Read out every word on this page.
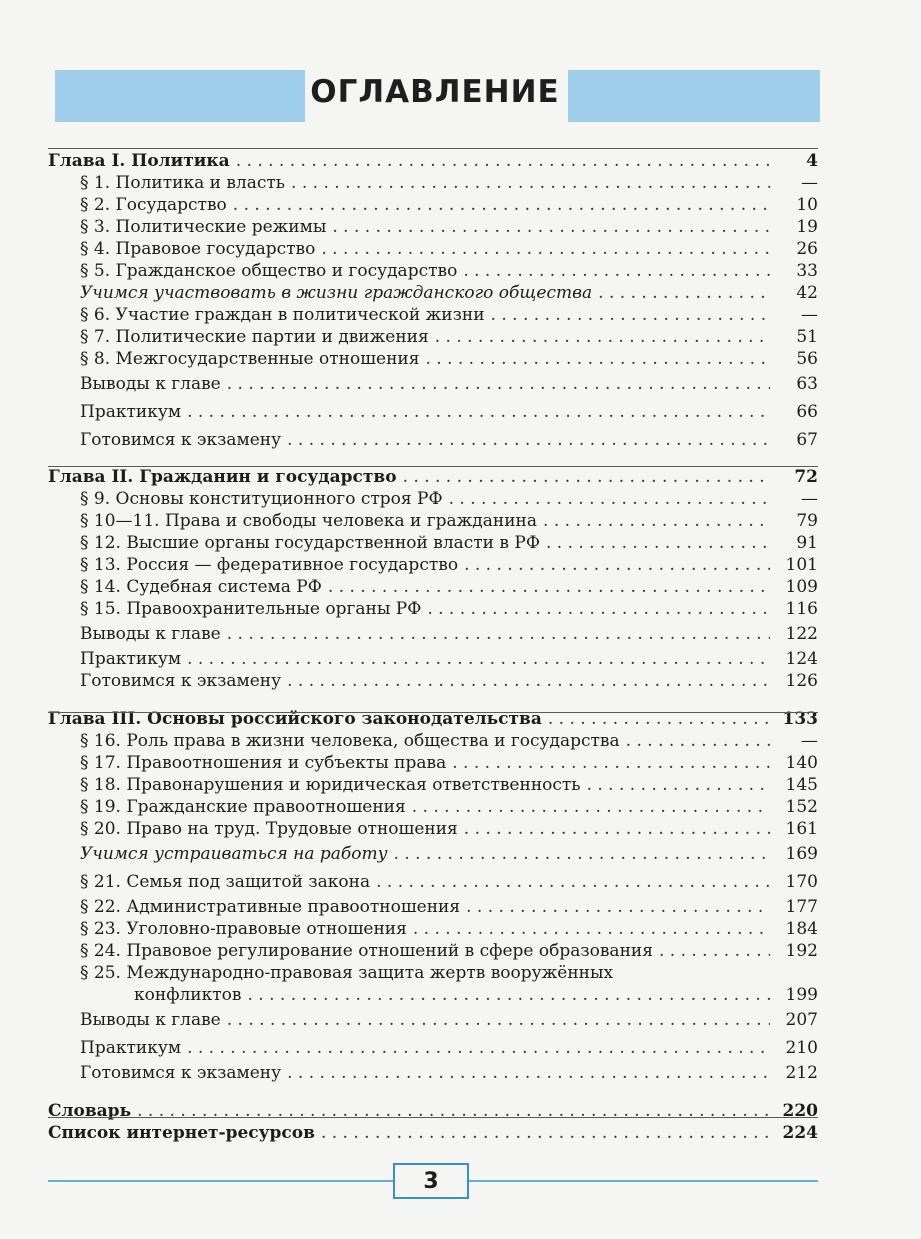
ОГЛАВЛЕНИЕ
Глава I. Политика . . .	4
§ 1. Политика и власть . . .	—
§ 2. Государство . . .	10
§ 3. Политические режимы . . .	19
§ 4. Правовое государство . . .	26
§ 5. Гражданское общество и государство . . .	33
Учимся участвовать в жизни гражданского общества . . .	42
§ 6. Участие граждан в политической жизни . . .	—
§ 7. Политические партии и движения . . .	51
§ 8. Межгосударственные отношения . . .	56
Выводы к главе . . .	63
Практикум . . .	66
Готовимся к экзамену . . .	67
Глава II. Гражданин и государство . . .	72
§ 9. Основы конституционного строя РФ . . .	—
§ 10—11. Права и свободы человека и гражданина . . .	79
§ 12. Высшие органы государственной власти в РФ . . .	91
§ 13. Россия — федеративное государство . . .	101
§ 14. Судебная система РФ . . .	109
§ 15. Правоохранительные органы РФ . . .	116
Выводы к главе . . .	122
Практикум . . .	124
Готовимся к экзамену . . .	126
Глава III. Основы российского законодательства . . .	133
§ 16. Роль права в жизни человека, общества и государства . . .	—
§ 17. Правоотношения и субъекты права . . .	140
§ 18. Правонарушения и юридическая ответственность . . .	145
§ 19. Гражданские правоотношения . . .	152
§ 20. Право на труд. Трудовые отношения . . .	161
Учимся устраиваться на работу . . .	169
§ 21. Семья под защитой закона . . .	170
§ 22. Административные правоотношения . . .	177
§ 23. Уголовно-правовые отношения . . .	184
§ 24. Правовое регулирование отношений в сфере образования . . .	192
§ 25. Международно-правовая защита жертв вооружённых
конфликтов . . .	199
Выводы к главе . . .	207
Практикум . . .	210
Готовимся к экзамену . . .	212
Словарь . . .	220
Список интернет-ресурсов . . .	224
3
